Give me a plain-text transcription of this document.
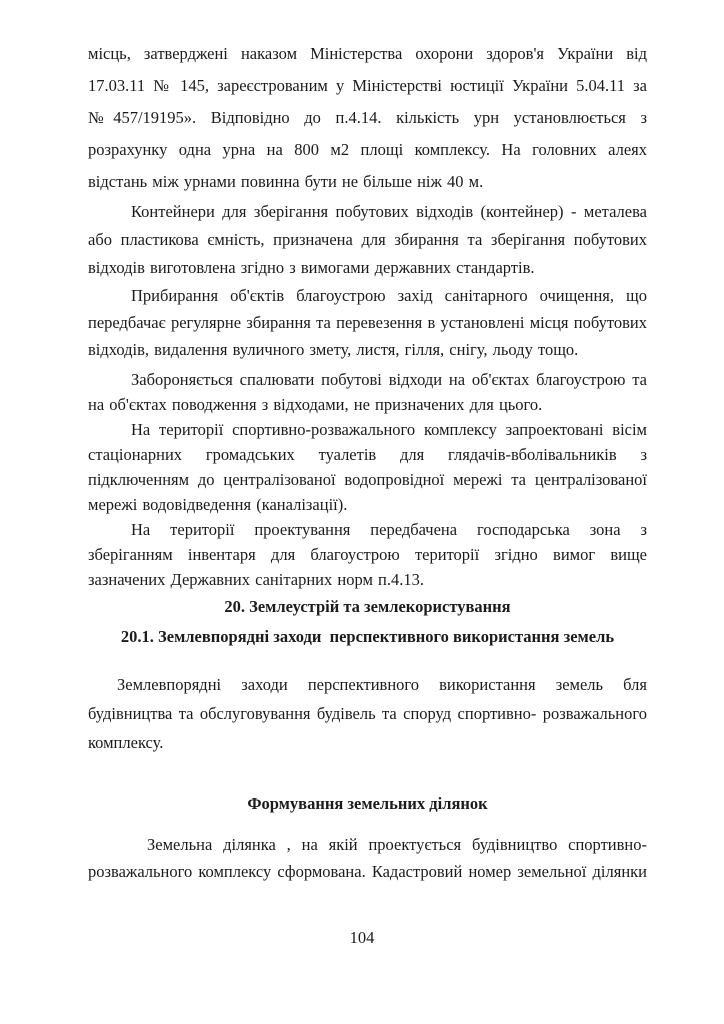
місць, затверджені наказом Міністерства охорони здоров'я України від 17.03.11 № 145, зареєстрованим у Міністерстві юстиції України 5.04.11 за №457/19195». Відповідно до п.4.14. кількість урн установлюється з розрахунку одна урна на 800 м2 площі комплексу. На головних алеях відстань між урнами повинна бути не більше ніж 40 м.

Контейнери для зберігання побутових відходів (контейнер) - металева або пластикова ємність, призначена для збирання та зберігання побутових відходів виготовлена згідно з вимогами державних стандартів.

Прибирання об'єктів благоустрою захід санітарного очищення, що передбачає регулярне збирання та перевезення в установлені місця побутових відходів, видалення вуличного змету, листя, гілля, снігу, льоду тощо.

Забороняється спалювати побутові відходи на об'єктах благоустрою та на об'єктах поводження з відходами, не призначених для цього.

На території спортивно-розважального комплексу запроектовані вісім стаціонарних громадських туалетів для глядачів-вболівальників з підключенням до централізованої водопровідної мережі та централізованої мережі водовідведення (каналізації).

На території проектування передбачена господарська зона з зберіганням інвентаря для благоустрою території згідно вимог вище зазначених Державних санітарних норм п.4.13.

20. Землеустрій та землекористування
20.1. Землевпорядні заходи  перспективного використання земель

Землевпорядні заходи перспективного використання земель бля будівництва та обслуговування будівель та споруд спортивно- розважального комплексу.

Формування земельних ділянок

Земельна ділянка , на якій проектується будівництво спортивно-розважального комплексу сформована. Кадастровий номер земельної ділянки

104
